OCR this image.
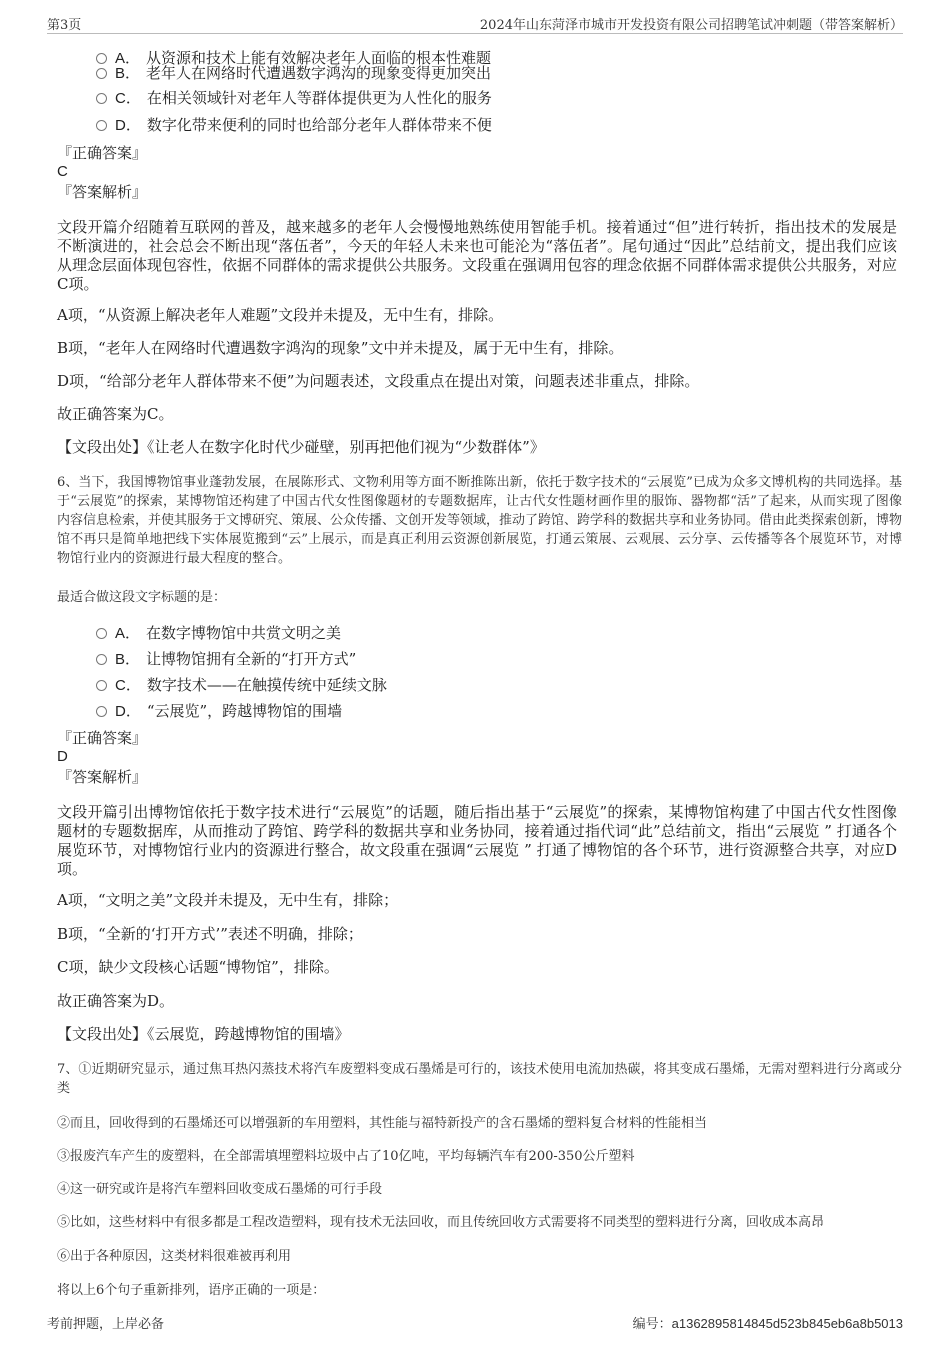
第3页	2024年山东菏泽市城市开发投资有限公司招聘笔试冲刺题（带答案解析）
A． 从资源和技术上能有效解决老年人面临的根本性难题
B． 老年人在网络时代遭遇数字鸿沟的现象变得更加突出
C． 在相关领域针对老年人等群体提供更为人性化的服务
D． 数字化带来便利的同时也给部分老年人群体带来不便
『正确答案』
C
『答案解析』
文段开篇介绍随着互联网的普及，越来越多的老年人会慢慢地熟练使用智能手机。接着通过“但”进行转折，指出技术的发展是不断演进的，社会总会不断出现“落伍者”，今天的年轻人未来也可能沦为“落伍者”。尾句通过“因此”总结前文，提出我们应该从理念层面体现包容性，依据不同群体的需求提供公共服务。文段重在强调用包容的理念依据不同群体需求提供公共服务，对应C项。
A项，“从资源上解决老年人难题”文段并未提及，无中生有，排除。
B项，“老年人在网络时代遭遇数字鸿沟的现象”文中并未提及，属于无中生有，排除。
D项，“给部分老年人群体带来不便”为问题表述，文段重点在提出对策，问题表述非重点，排除。
故正确答案为C。
【文段出处】《让老人在数字化时代少碰壁，别再把他们视为“少数群体”》
6、当下，我国博物馆事业蓬勃发展，在展陈形式、文物利用等方面不断推陈出新，依托于数字技术的“云展览”已成为众多文博机构的共同选择。基于“云展览”的探索，某博物馆还构建了中国古代女性图像题材的专题数据库，让古代女性题材画作里的服饰、器物都“活”了起来，从而实现了图像内容信息检索，并使其服务于文博研究、策展、公众传播、文创开发等领域，推动了跨馆、跨学科的数据共享和业务协同。借由此类探索创新，博物馆不再只是简单地把线下实体展览搬到“云”上展示，而是真正利用云资源创新展览，打通云策展、云观展、云分享、云传播等各个展览环节，对博物馆行业内的资源进行最大程度的整合。
最适合做这段文字标题的是：
A． 在数字博物馆中共赏文明之美
B． 让博物馆拥有全新的“打开方式”
C． 数字技术——在触摸传统中延续文脉
D． “云展览”，跨越博物馆的围墙
『正确答案』
D
『答案解析』
文段开篇引出博物馆依托于数字技术进行“云展览”的话题，随后指出基于“云展览”的探索，某博物馆构建了中国古代女性图像题材的专题数据库，从而推动了跨馆、跨学科的数据共享和业务协同，接着通过指代词“此”总结前文，指出“云展览 ” 打通各个展览环节，对博物馆行业内的资源进行整合，故文段重在强调“云展览 ” 打通了博物馆的各个环节，进行资源整合共享，对应D项。
A项，“文明之美”文段并未提及，无中生有，排除；
B项，“全新的‘打开方式’”表述不明确，排除；
C项，缺少文段核心话题“博物馆”，排除。
故正确答案为D。
【文段出处】《云展览，跨越博物馆的围墙》
7、①近期研究显示，通过焦耳热闪蒸技术将汽车废塑料变成石墨烯是可行的，该技术使用电流加热碳，将其变成石墨烯，无需对塑料进行分离或分类
②而且，回收得到的石墨烯还可以增强新的车用塑料，其性能与福特新投产的含石墨烯的塑料复合材料的性能相当
③报废汽车产生的废塑料，在全部需填埋塑料垃圾中占了10亿吨，平均每辆汽车有200-350公斤塑料
④这一研究或许是将汽车塑料回收变成石墨烯的可行手段
⑤比如，这些材料中有很多都是工程改造塑料，现有技术无法回收，而且传统回收方式需要将不同类型的塑料进行分离，回收成本高昂
⑥出于各种原因，这类材料很难被再利用
将以上6个句子重新排列，语序正确的一项是：
考前押题，上岸必备	编号：a1362895814845d523b845eb6a8b5013
